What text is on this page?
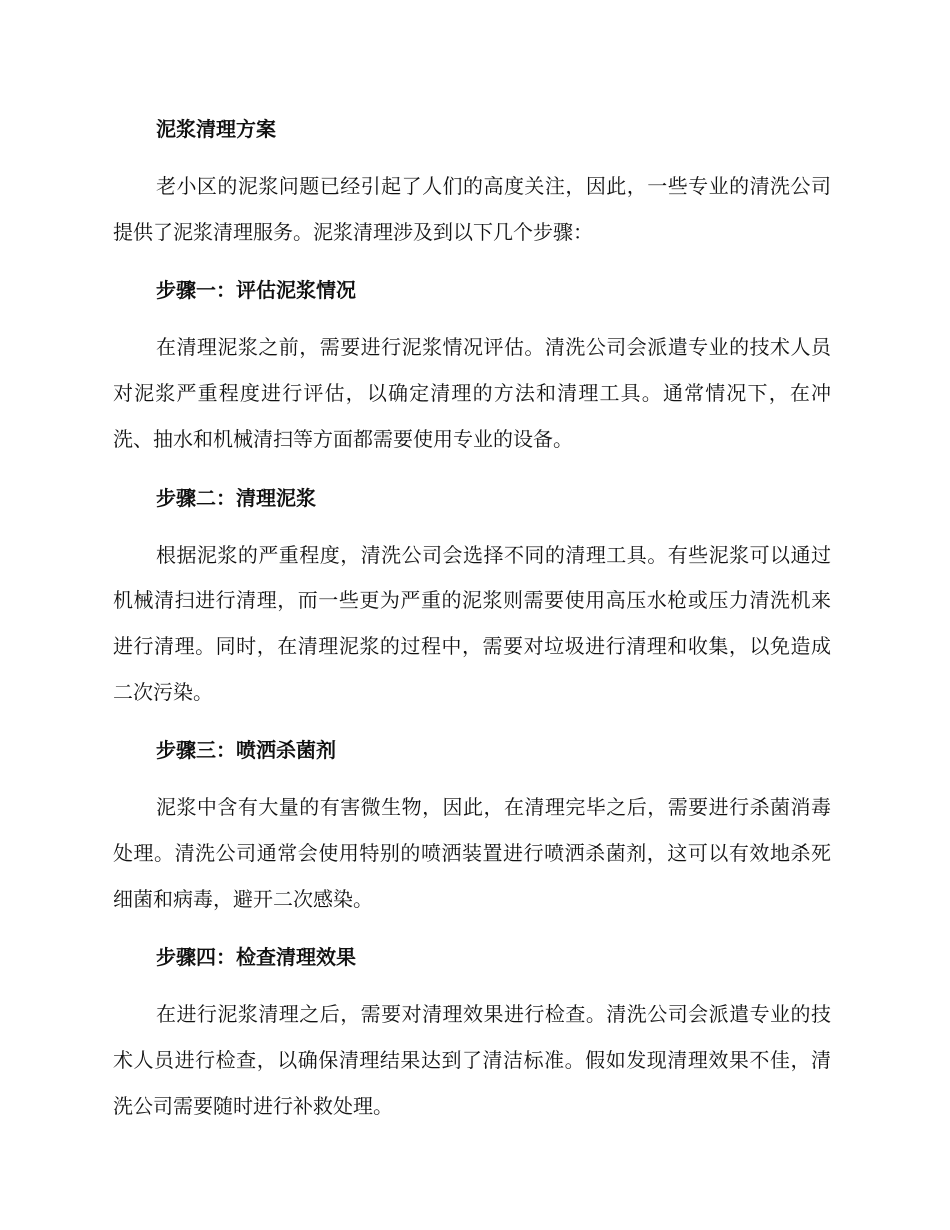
泥浆清理方案

老小区的泥浆问题已经引起了人们的高度关注，因此，一些专业的清洗公司提供了泥浆清理服务。泥浆清理涉及到以下几个步骤：

步骤一：评估泥浆情况

在清理泥浆之前，需要进行泥浆情况评估。清洗公司会派遣专业的技术人员对泥浆严重程度进行评估，以确定清理的方法和清理工具。通常情况下，在冲洗、抽水和机械清扫等方面都需要使用专业的设备。

步骤二：清理泥浆

根据泥浆的严重程度，清洗公司会选择不同的清理工具。有些泥浆可以通过机械清扫进行清理，而一些更为严重的泥浆则需要使用高压水枪或压力清洗机来进行清理。同时，在清理泥浆的过程中，需要对垃圾进行清理和收集，以免造成二次污染。

步骤三：喷洒杀菌剂

泥浆中含有大量的有害微生物，因此，在清理完毕之后，需要进行杀菌消毒处理。清洗公司通常会使用特别的喷洒装置进行喷洒杀菌剂，这可以有效地杀死细菌和病毒，避开二次感染。

步骤四：检查清理效果

在进行泥浆清理之后，需要对清理效果进行检查。清洗公司会派遣专业的技术人员进行检查，以确保清理结果达到了清洁标准。假如发现清理效果不佳，清洗公司需要随时进行补救处理。
